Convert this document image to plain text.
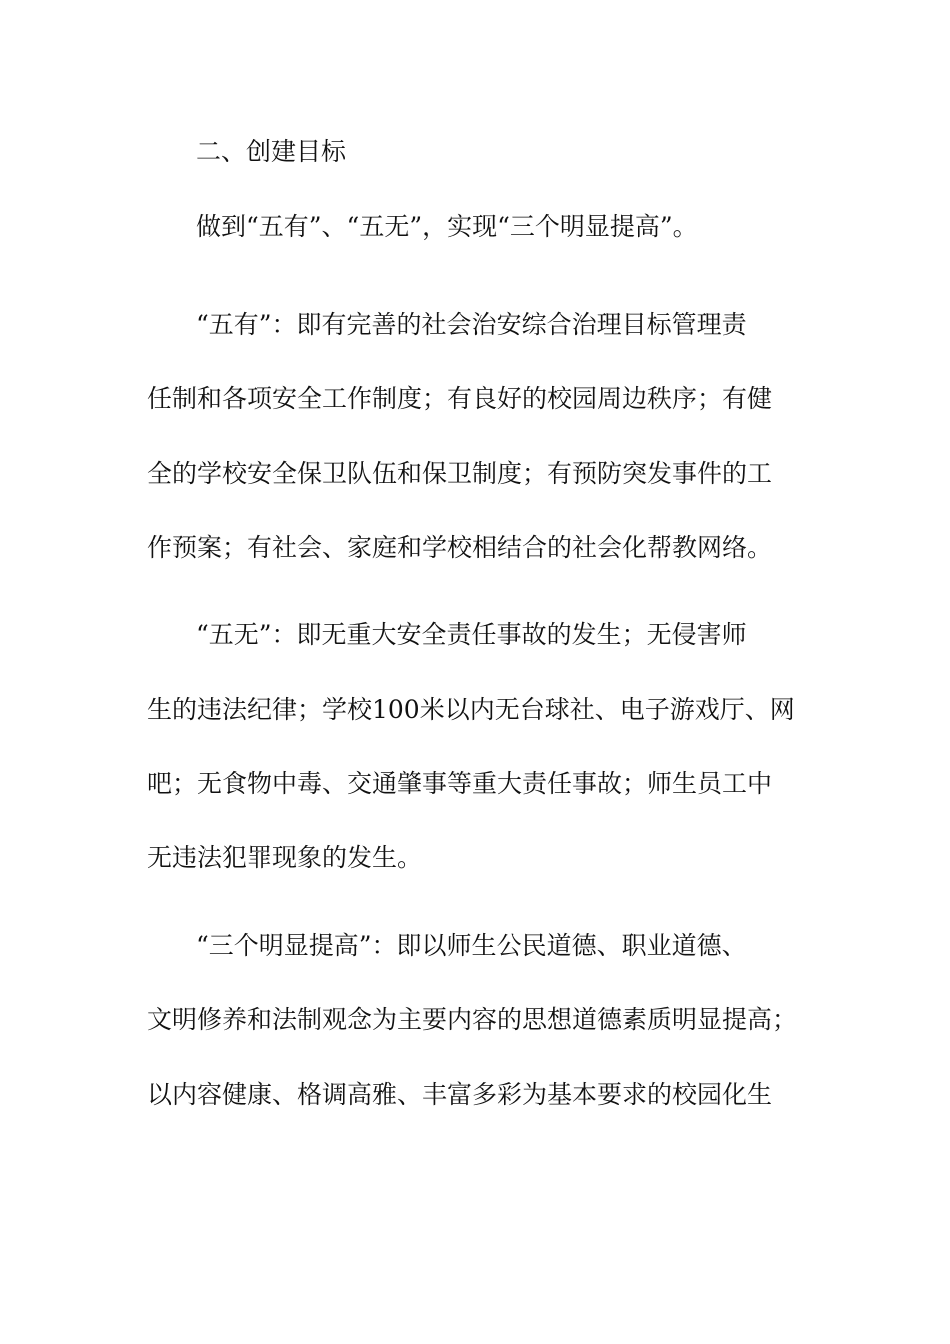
二、创建目标
做到“五有”、“五无”，实现“三个明显提高”。
“五有”：即有完善的社会治安综合治理目标管理责
任制和各项安全工作制度；有良好的校园周边秩序；有健
全的学校安全保卫队伍和保卫制度；有预防突发事件的工
作预案；有社会、家庭和学校相结合的社会化帮教网络。
“五无”：即无重大安全责任事故的发生；无侵害师
生的违法纪律；学校100米以内无台球社、电子游戏厅、网
吧；无食物中毒、交通肇事等重大责任事故；师生员工中
无违法犯罪现象的发生。
“三个明显提高”：即以师生公民道德、职业道德、
文明修养和法制观念为主要内容的思想道德素质明显提高；
以内容健康、格调高雅、丰富多彩为基本要求的校园化生
